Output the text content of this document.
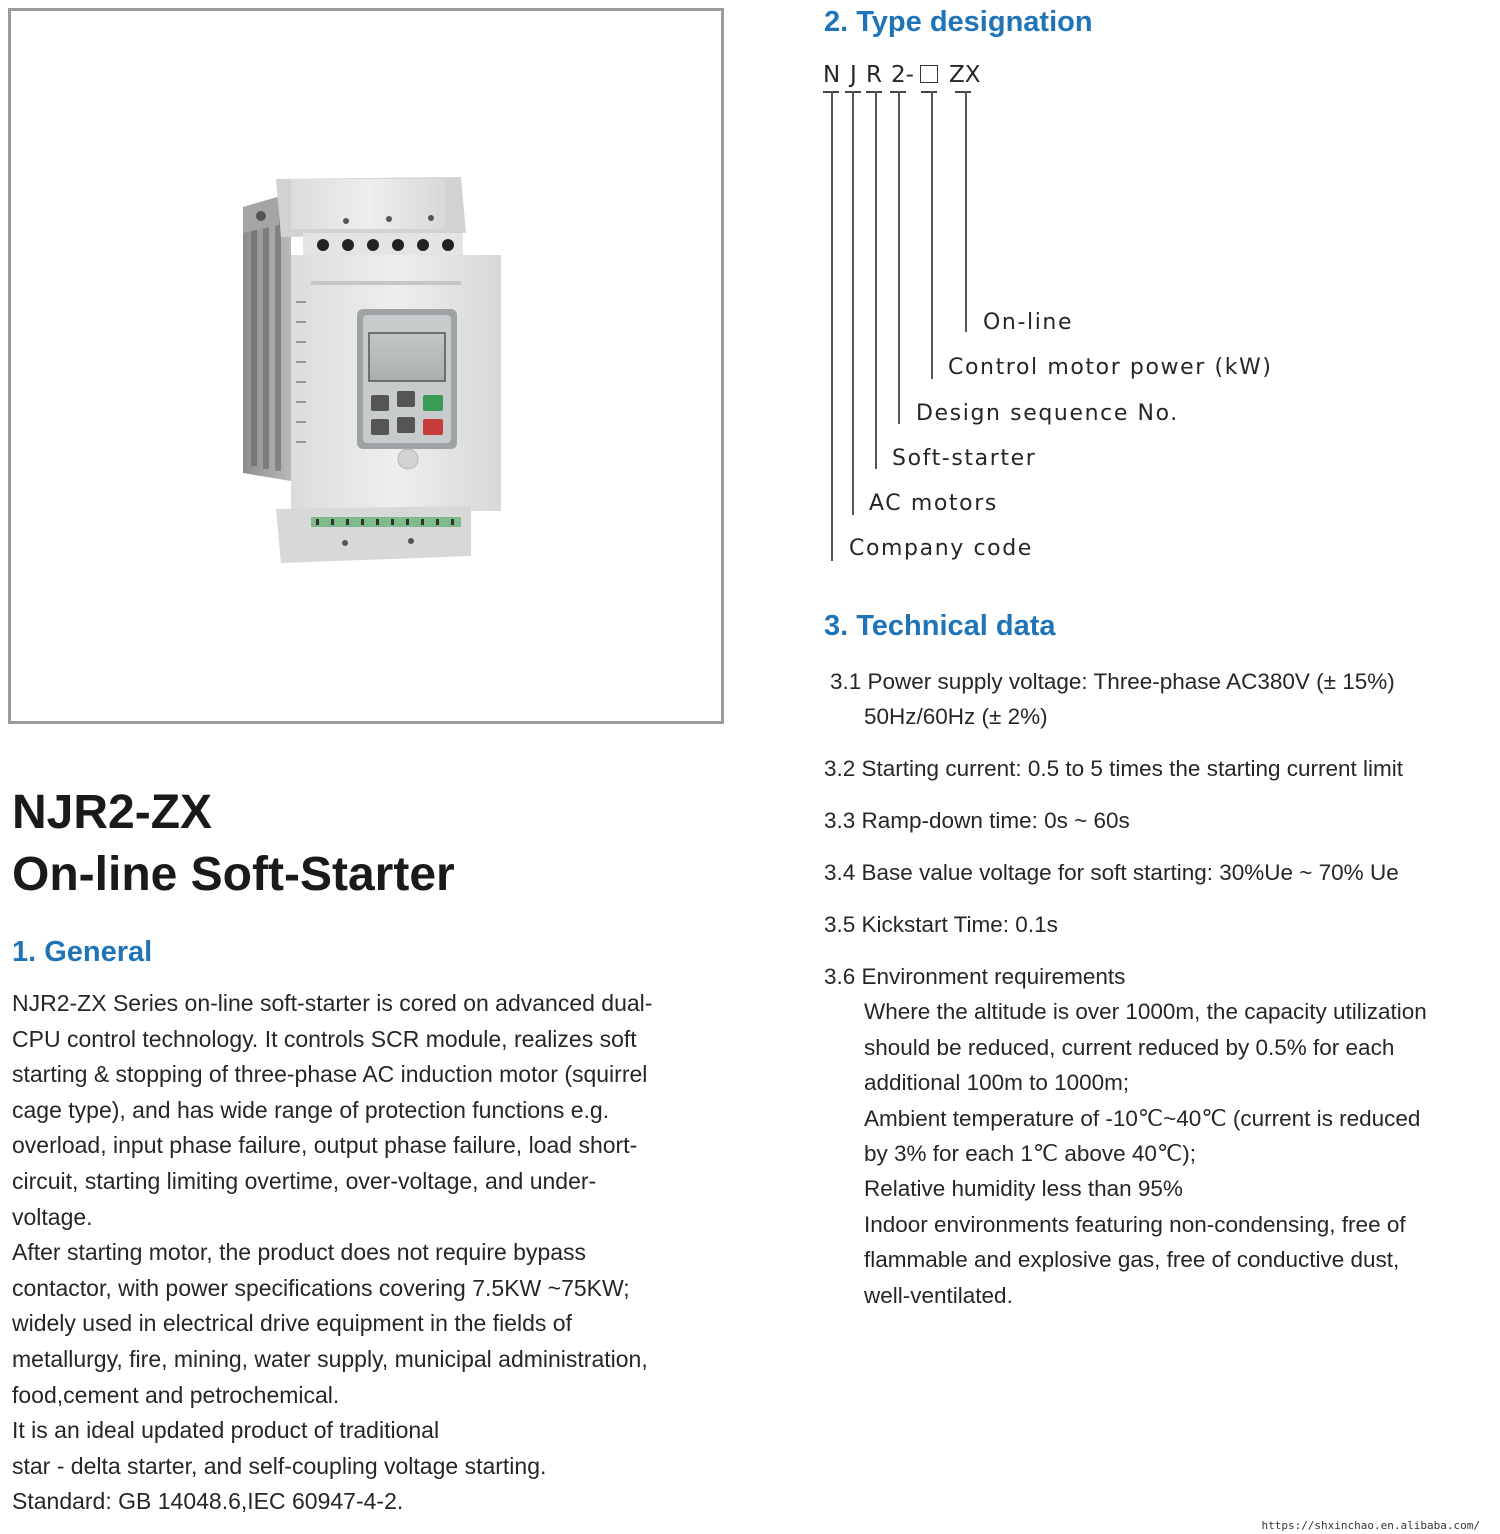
NJR2-ZX
On-line Soft-Starter
1. General
NJR2-ZX Series on-line soft-starter is cored on advanced dual-
CPU control technology. It controls SCR module, realizes soft
starting & stopping of three-phase AC induction motor (squirrel
cage type), and has wide range of protection functions e.g.
overload, input phase failure, output phase failure, load short-
circuit, starting limiting overtime, over-voltage, and under-
voltage.
After starting motor, the product does not require bypass
contactor, with power specifications covering 7.5KW ~75KW;
widely used in electrical drive equipment in the fields of
metallurgy, fire, mining, water supply, municipal administration,
food,cement and petrochemical.
It is an ideal updated product of traditional
star - delta starter, and self-coupling voltage starting.
Standard: GB 14048.6,IEC 60947-4-2.
2. Type designation
N J R 2- ZX
On-line
Control motor power (kW)
Design sequence No.
Soft-starter
AC motors
Company code
3. Technical data
3.1 Power supply voltage: Three-phase AC380V (± 15%)
50Hz/60Hz (± 2%)
3.2 Starting current: 0.5 to 5 times the starting current limit
3.3 Ramp-down time: 0s ~ 60s
3.4 Base value voltage for soft starting: 30%Ue ~ 70% Ue
3.5 Kickstart Time: 0.1s
3.6 Environment requirements
Where the altitude is over 1000m, the capacity utilization
should be reduced, current reduced by 0.5% for each
additional 100m to 1000m;
Ambient temperature of -10℃~40℃ (current is reduced
by 3% for each 1℃ above 40℃);
Relative humidity less than 95%
Indoor environments featuring non-condensing, free of
flammable and explosive gas, free of conductive dust,
well-ventilated.
https://shxinchao.en.alibaba.com/
